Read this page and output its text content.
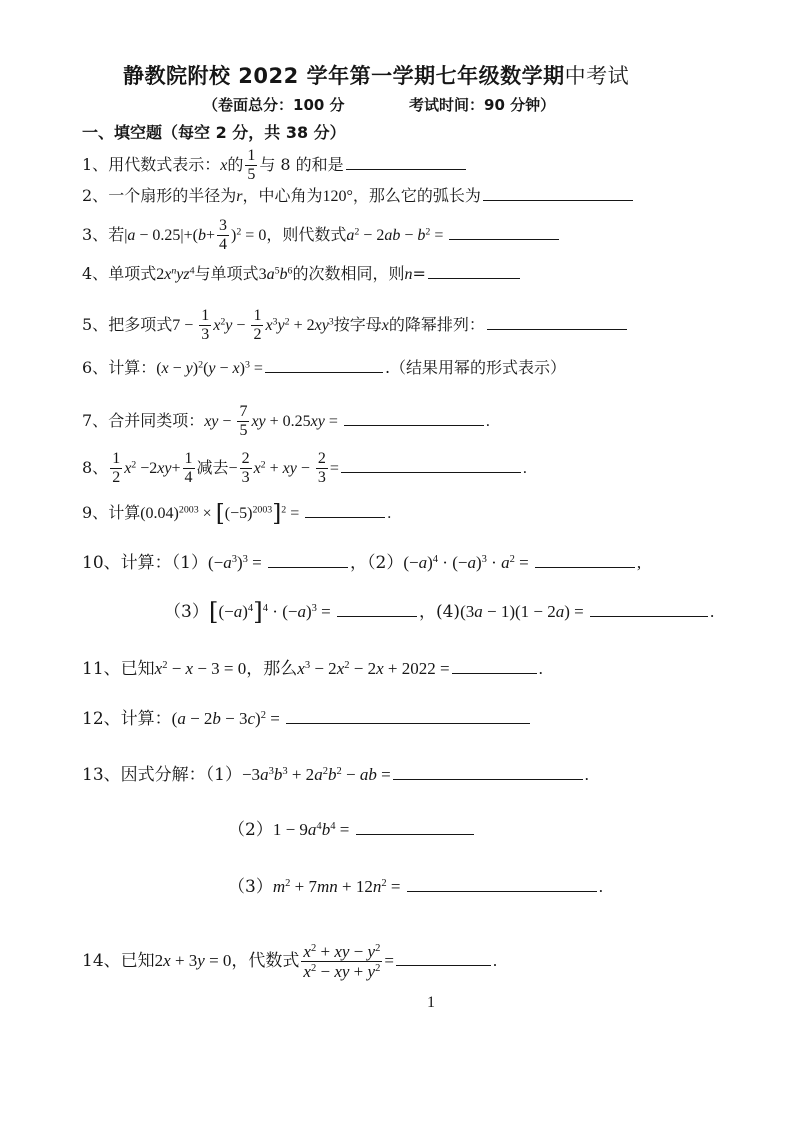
静教院附校 2022 学年第一学期七年级数学期中考试
（卷面总分：100 分	考试时间：90 分钟）
一、填空题（每空 2 分，共 38 分）
1、用代数式表示：x的 $\frac{1}{5}$ 与 8 的和是
2、一个扇形的半径为r，中心角为120°，那么它的弧长为
3、若$|a - 0.25|+(b+ \frac{3}{4} )^2 = 0$，则代数式$a^2 - 2ab - b^2$ =
4、单项式$2x^nyz^4$与单项式$3a^5b^6$的次数相同，则n=
5、把多项式$7 - \frac{1}{3} x^2y - \frac{1}{2} x^3y^2 + 2xy^3$按字母x的降幂排列：
6、计算：$(x - y)^2(y - x)^3$ =	.（结果用幂的形式表示）
7、合并同类项：xy − $\frac{7}{5}$ xy + 0.25xy =	.
8、 $\frac{1}{2} x^2 -2xy+ \frac{1}{4}$ 减去− $\frac{2}{3} x^2$ + xy − $\frac{2}{3}$ =	.
9、计算$(0.04)^{2003} \times [(-5)^{2003}]^2$ =	.
10、计算：$(1)(-a^3)^3$ =	，$(2)(-a)^4 \cdot (-a)^3 \cdot a^2$ =	,
$(3)[(-a)^4]^4 \cdot (-a)^3$ =	，(4)(3a − 1)(1 − 2a) =	.
11、已知$x^2 - x - 3 = 0$，那么$x^3 - 2x^2 - 2x + 2022$ =	.
12、计算：$(a - 2b - 3c)^2$ =
13、因式分解：$(1)-3a^3b^3 + 2a^2b^2$ − ab =	.
$(2)1 - 9a^4b^4$ =
$(3)m^2 + 7mn + 12n^2$ =	.
14、已知2x + 3y = 0，代数式 $\frac{x^2 + xy - y^2}{x^2 - xy + y^2}$ =	.
1
